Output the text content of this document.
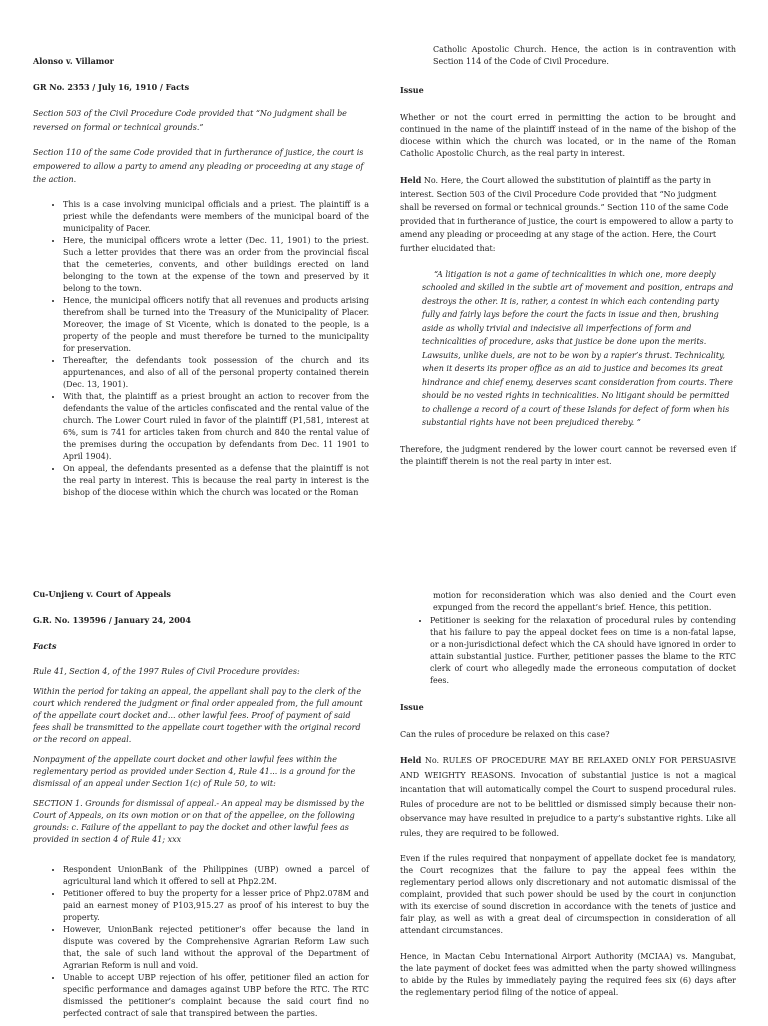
Alonso v. Villamor

GR No. 2353 / July 16, 1910 / Facts

Section 503 of the Civil Procedure Code provided that “No judgment shall be reversed on formal or technical grounds.”

Section 110 of the same Code provided that in furtherance of justice, the court is empowered to allow a party to amend any pleading or proceeding at any stage of the action.

• This is a case involving municipal officials and a priest. The plaintiff is a priest while the defendants were members of the municipal board of the municipality of Pacer.
• Here, the municipal officers wrote a letter (Dec. 11, 1901) to the priest. Such a letter provides that there was an order from the provincial fiscal that the cemeteries, convents, and other buildings erected on land belonging to the town at the expense of the town and preserved by it belong to the town.
• Hence, the municipal officers notify that all revenues and products arising therefrom shall be turned into the Treasury of the Municipality of Placer. Moreover, the image of St Vicente, which is donated to the people, is a property of the people and must therefore be turned to the municipality for preservation.
• Thereafter, the defendants took possession of the church and its appurtenances, and also of all of the personal property contained therein (Dec. 13, 1901).
• With that, the plaintiff as a priest brought an action to recover from the defendants the value of the articles confiscated and the rental value of the church. The Lower Court ruled in favor of the plaintiff (P1,581, interest at 6%, sum is 741 for articles taken from church and 840 the rental value of the premises during the occupation by defendants from Dec. 11 1901 to April 1904).
• On appeal, the defendants presented as a defense that the plaintiff is not the real party in interest. This is because the real party in interest is the bishop of the diocese within which the church was located or the Roman

Catholic Apostolic Church. Hence, the action is in contravention with Section 114 of the Code of Civil Procedure.

Issue

Whether or not the court erred in permitting the action to be brought and continued in the name of the plaintiff instead of in the name of the bishop of the diocese within which the church was located, or in the name of the Roman Catholic Apostolic Church, as the real party in interest.

Held No. Here, the Court allowed the substitution of plaintiff as the party in interest. Section 503 of the Civil Procedure Code provided that “No judgment shall be reversed on formal or technical grounds.” Section 110 of the same Code provided that in furtherance of justice, the court is empowered to allow a party to amend any pleading or proceeding at any stage of the action. Here, the Court further elucidated that:

“A litigation is not a game of technicalities in which one, more deeply schooled and skilled in the subtle art of movement and position, entraps and destroys the other. It is, rather, a contest in which each contending party fully and fairly lays before the court the facts in issue and then, brushing aside as wholly trivial and indecisive all imperfections of form and technicalities of procedure, asks that justice be done upon the merits. Lawsuits, unlike duels, are not to be won by a rapier’s thrust. Technicality, when it deserts its proper office as an aid to justice and becomes its great hindrance and chief enemy, deserves scant consideration from courts. There should be no vested rights in technicalities. No litigant should be permitted to challenge a record of a court of these Islands for defect of form when his substantial rights have not been prejudiced thereby. ”

Therefore, the judgment rendered by the lower court cannot be reversed even if the plaintiff therein is not the real party in inter est.

Cu-Unjieng v. Court of Appeals

G.R. No. 139596 / January 24, 2004

Facts

Rule 41, Section 4, of the 1997 Rules of Civil Procedure provides:

Within the period for taking an appeal, the appellant shall pay to the clerk of the court which rendered the judgment or final order appealed from, the full amount of the appellate court docket and... other lawful fees. Proof of payment of said fees shall be transmitted to the appellate court together with the original record or the record on appeal.

Nonpayment of the appellate court docket and other lawful fees within the reglementary period as provided under Section 4, Rule 41... is a ground for the dismissal of an appeal under Section 1(c) of Rule 50, to wit:

SECTION 1. Grounds for dismissal of appeal.- An appeal may be dismissed by the Court of Appeals, on its own motion or on that of the appellee, on the following grounds: c. Failure of the appellant to pay the docket and other lawful fees as provided in section 4 of Rule 41; xxx

• Respondent UnionBank of the Philippines (UBP) owned a parcel of agricultural land which it offered to sell at Php2.2M.
• Petitioner offered to buy the property for a lesser price of Php2.078M and paid an earnest money of P103,915.27 as proof of his interest to buy the property.
• However, UnionBank rejected petitioner’s offer because the land in dispute was covered by the Comprehensive Agrarian Reform Law such that, the sale of such land without the approval of the Department of Agrarian Reform is null and void.
• Unable to accept UBP rejection of his offer, petitioner filed an action for specific performance and damages against UBP before the RTC. The RTC dismissed the petitioner’s complaint because the said court find no perfected contract of sale that transpired between the parties.

motion for reconsideration which was also denied and the Court even expunged from the record the appellant’s brief. Hence, this petition.

• Petitioner is seeking for the relaxation of procedural rules by contending that his failure to pay the appeal docket fees on time is a non-fatal lapse, or a non-jurisdictional defect which the CA should have ignored in order to attain substantial justice. Further, petitioner passes the blame to the RTC clerk of court who allegedly made the erroneous computation of docket fees.

Issue

Can the rules of procedure be relaxed on this case?

Held No. RULES OF PROCEDURE MAY BE RELAXED ONLY FOR PERSUASIVE AND WEIGHTY REASONS. Invocation of substantial justice is not a magical incantation that will automatically compel the Court to suspend procedural rules. Rules of procedure are not to be belittled or dismissed simply because their non-observance may have resulted in prejudice to a party’s substantive rights. Like all rules, they are required to be followed.

Even if the rules required that nonpayment of appellate docket fee is mandatory, the Court recognizes that the failure to pay the appeal fees within the reglementary period allows only discretionary and not automatic dismissal of the complaint, provided that such power should be used by the court in conjunction with its exercise of sound discretion in accordance with the tenets of justice and fair play, as well as with a great deal of circumspection in consideration of all attendant circumstances.

Hence, in Mactan Cebu International Airport Authority (MCIAA) vs. Mangubat, the late payment of docket fees was admitted when the party showed willingness to abide by the Rules by immediately paying the required fees six (6) days after the reglementary period filing of the notice of appeal.
